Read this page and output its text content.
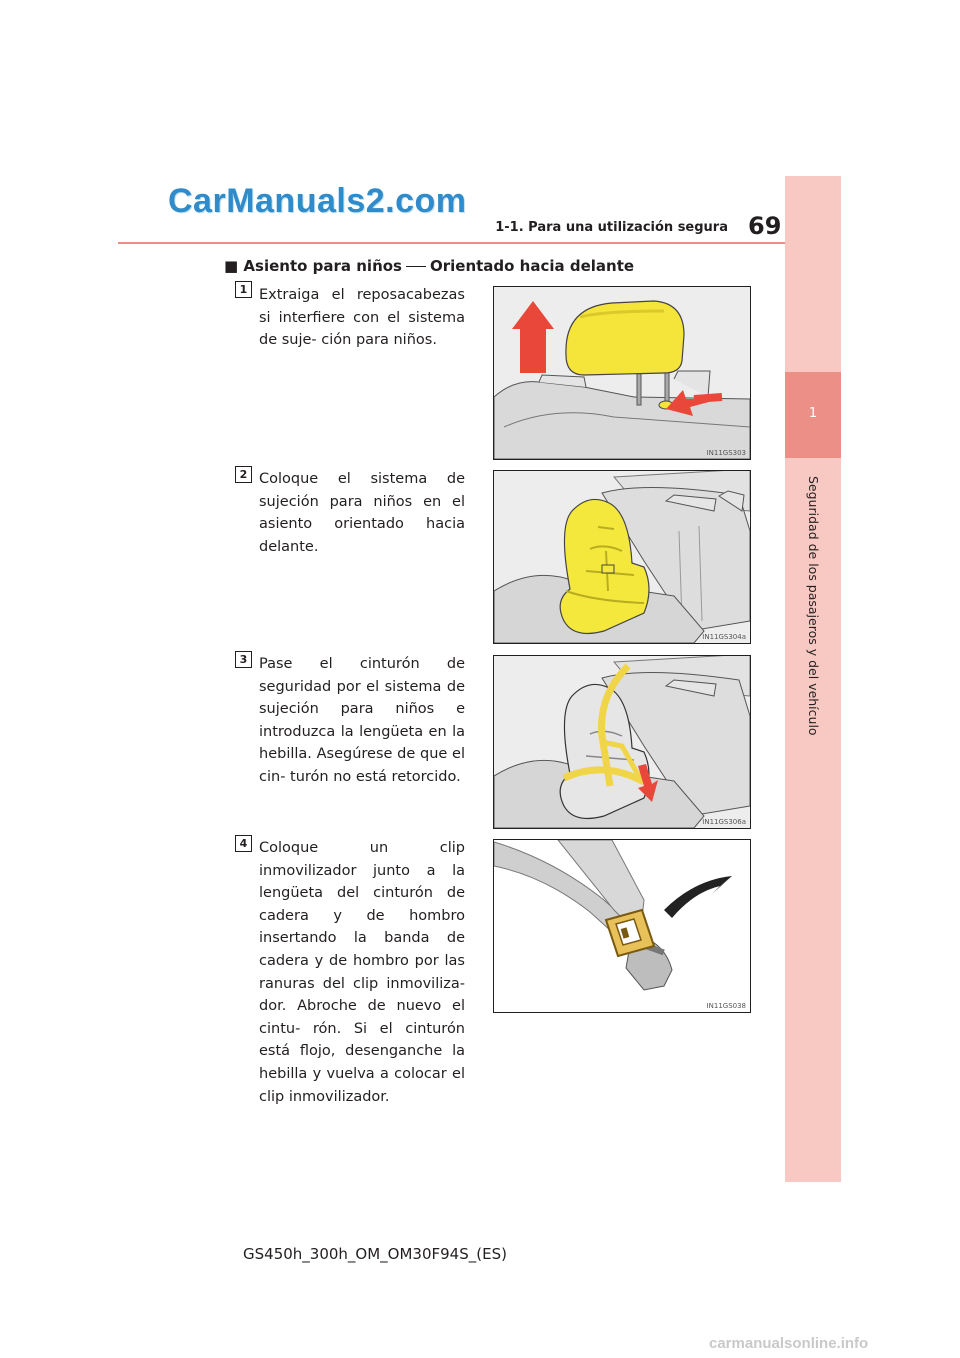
CarManuals2.com
1-1. Para una utilización segura 69
1
Seguridad de los pasajeros y del vehículo
■ Asiento para niños Orientado hacia delante
1 Extraiga el reposacabezas si interfiere con el sistema de suje- ción para niños.
IN11GS303
2 Coloque el sistema de sujeción para niños en el asiento orientado hacia delante.
IN11GS304a
3 Pase el cinturón de seguridad por el sistema de sujeción para niños e introduzca la lengüeta en la hebilla. Asegúrese de que el cin- turón no está retorcido.
IN11GS306a
4 Coloque un clip inmovilizador junto a la lengüeta del cinturón de cadera y de hombro insertando la banda de cadera y de hombro por las ranuras del clip inmoviliza- dor. Abroche de nuevo el cintu- rón. Si el cinturón está flojo, desenganche la hebilla y vuelva a colocar el clip inmovilizador.
IN11GS038
GS450h_300h_OM_OM30F94S_(ES)
carmanualsonline.info
